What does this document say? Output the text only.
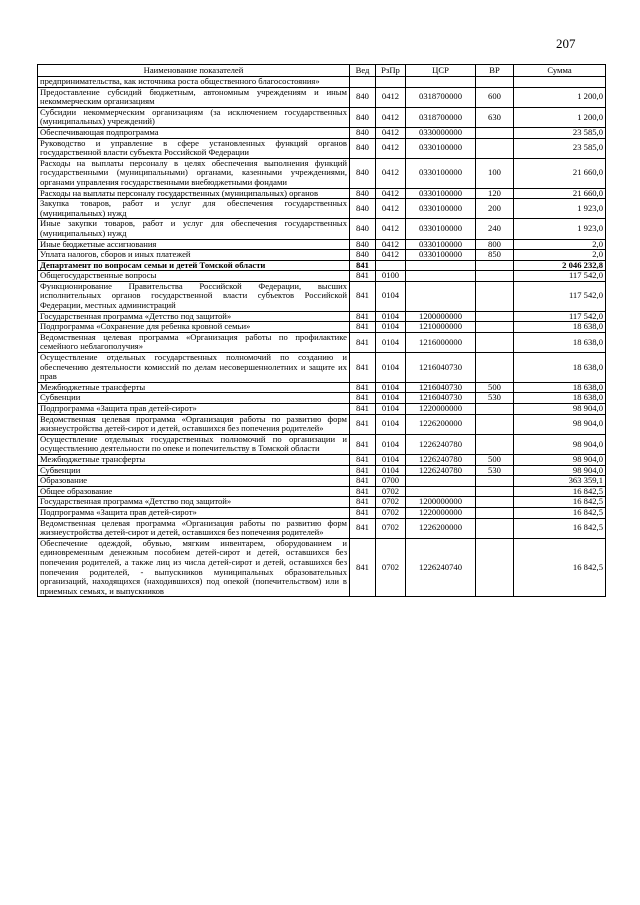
207
Наименование показателей	Вед	РзПр	ЦСР	ВР	Сумма
предпринимательства, как источника роста общественного благосостояния»					
Предоставление субсидий бюджетным, автономным учреждениям и иным некоммерческим организациям	840	0412	0318700000	600	1 200,0
Субсидии некоммерческим организациям (за исключением государственных (муниципальных) учреждений)	840	0412	0318700000	630	1 200,0
Обеспечивающая подпрограмма	840	0412	0330000000		23 585,0
Руководство и управление в сфере установленных функций органов государственной власти субъекта Российской Федерации	840	0412	0330100000		23 585,0
Расходы на выплаты персоналу в целях обеспечения выполнения функций государственными (муниципальными) органами, казенными учреждениями, органами управления государственными внебюджетными фондами	840	0412	0330100000	100	21 660,0
Расходы на выплаты персоналу государственных (муниципальных) органов	840	0412	0330100000	120	21 660,0
Закупка товаров, работ и услуг для обеспечения государственных (муниципальных) нужд	840	0412	0330100000	200	1 923,0
Иные закупки товаров, работ и услуг для обеспечения государственных (муниципальных) нужд	840	0412	0330100000	240	1 923,0
Иные бюджетные ассигнования	840	0412	0330100000	800	2,0
Уплата налогов, сборов и иных платежей	840	0412	0330100000	850	2,0
Департамент по вопросам семьи и детей Томской области	841				2 046 232,8
Общегосударственные вопросы	841	0100			117 542,0
Функционирование Правительства Российской Федерации, высших исполнительных органов государственной власти субъектов Российской Федерации, местных администраций	841	0104			117 542,0
Государственная программа «Детство под защитой»	841	0104	1200000000		117 542,0
Подпрограмма «Сохранение для ребенка кровной семьи»	841	0104	1210000000		18 638,0
Ведомственная целевая программа «Организация работы по профилактике семейного неблагополучия»	841	0104	1216000000		18 638,0
Осуществление отдельных государственных полномочий по созданию и обеспечению деятельности комиссий по делам несовершеннолетних и защите их прав	841	0104	1216040730		18 638,0
Межбюджетные трансферты	841	0104	1216040730	500	18 638,0
Субвенции	841	0104	1216040730	530	18 638,0
Подпрограмма «Защита прав детей-сирот»	841	0104	1220000000		98 904,0
Ведомственная целевая программа «Организация работы по развитию форм жизнеустройства детей-сирот и детей, оставшихся без попечения родителей»	841	0104	1226200000		98 904,0
Осуществление отдельных государственных полномочий по организации и осуществлению деятельности по опеке и попечительству в Томской области	841	0104	1226240780		98 904,0
Межбюджетные трансферты	841	0104	1226240780	500	98 904,0
Субвенции	841	0104	1226240780	530	98 904,0
Образование	841	0700			363 359,1
Общее образование	841	0702			16 842,5
Государственная программа «Детство под защитой»	841	0702	1200000000		16 842,5
Подпрограмма «Защита прав детей-сирот»	841	0702	1220000000		16 842,5
Ведомственная целевая программа «Организация работы по развитию форм жизнеустройства детей-сирот и детей, оставшихся без попечения родителей»	841	0702	1226200000		16 842,5
Обеспечение одеждой, обувью, мягким инвентарем, оборудованием и единовременным денежным пособием детей-сирот и детей, оставшихся без попечения родителей, а также лиц из числа детей-сирот и детей, оставшихся без попечения родителей, - выпускников муниципальных образовательных организаций, находящихся (находившихся) под опекой (попечительством) или в приемных семьях, и выпускников	841	0702	1226240740		16 842,5
